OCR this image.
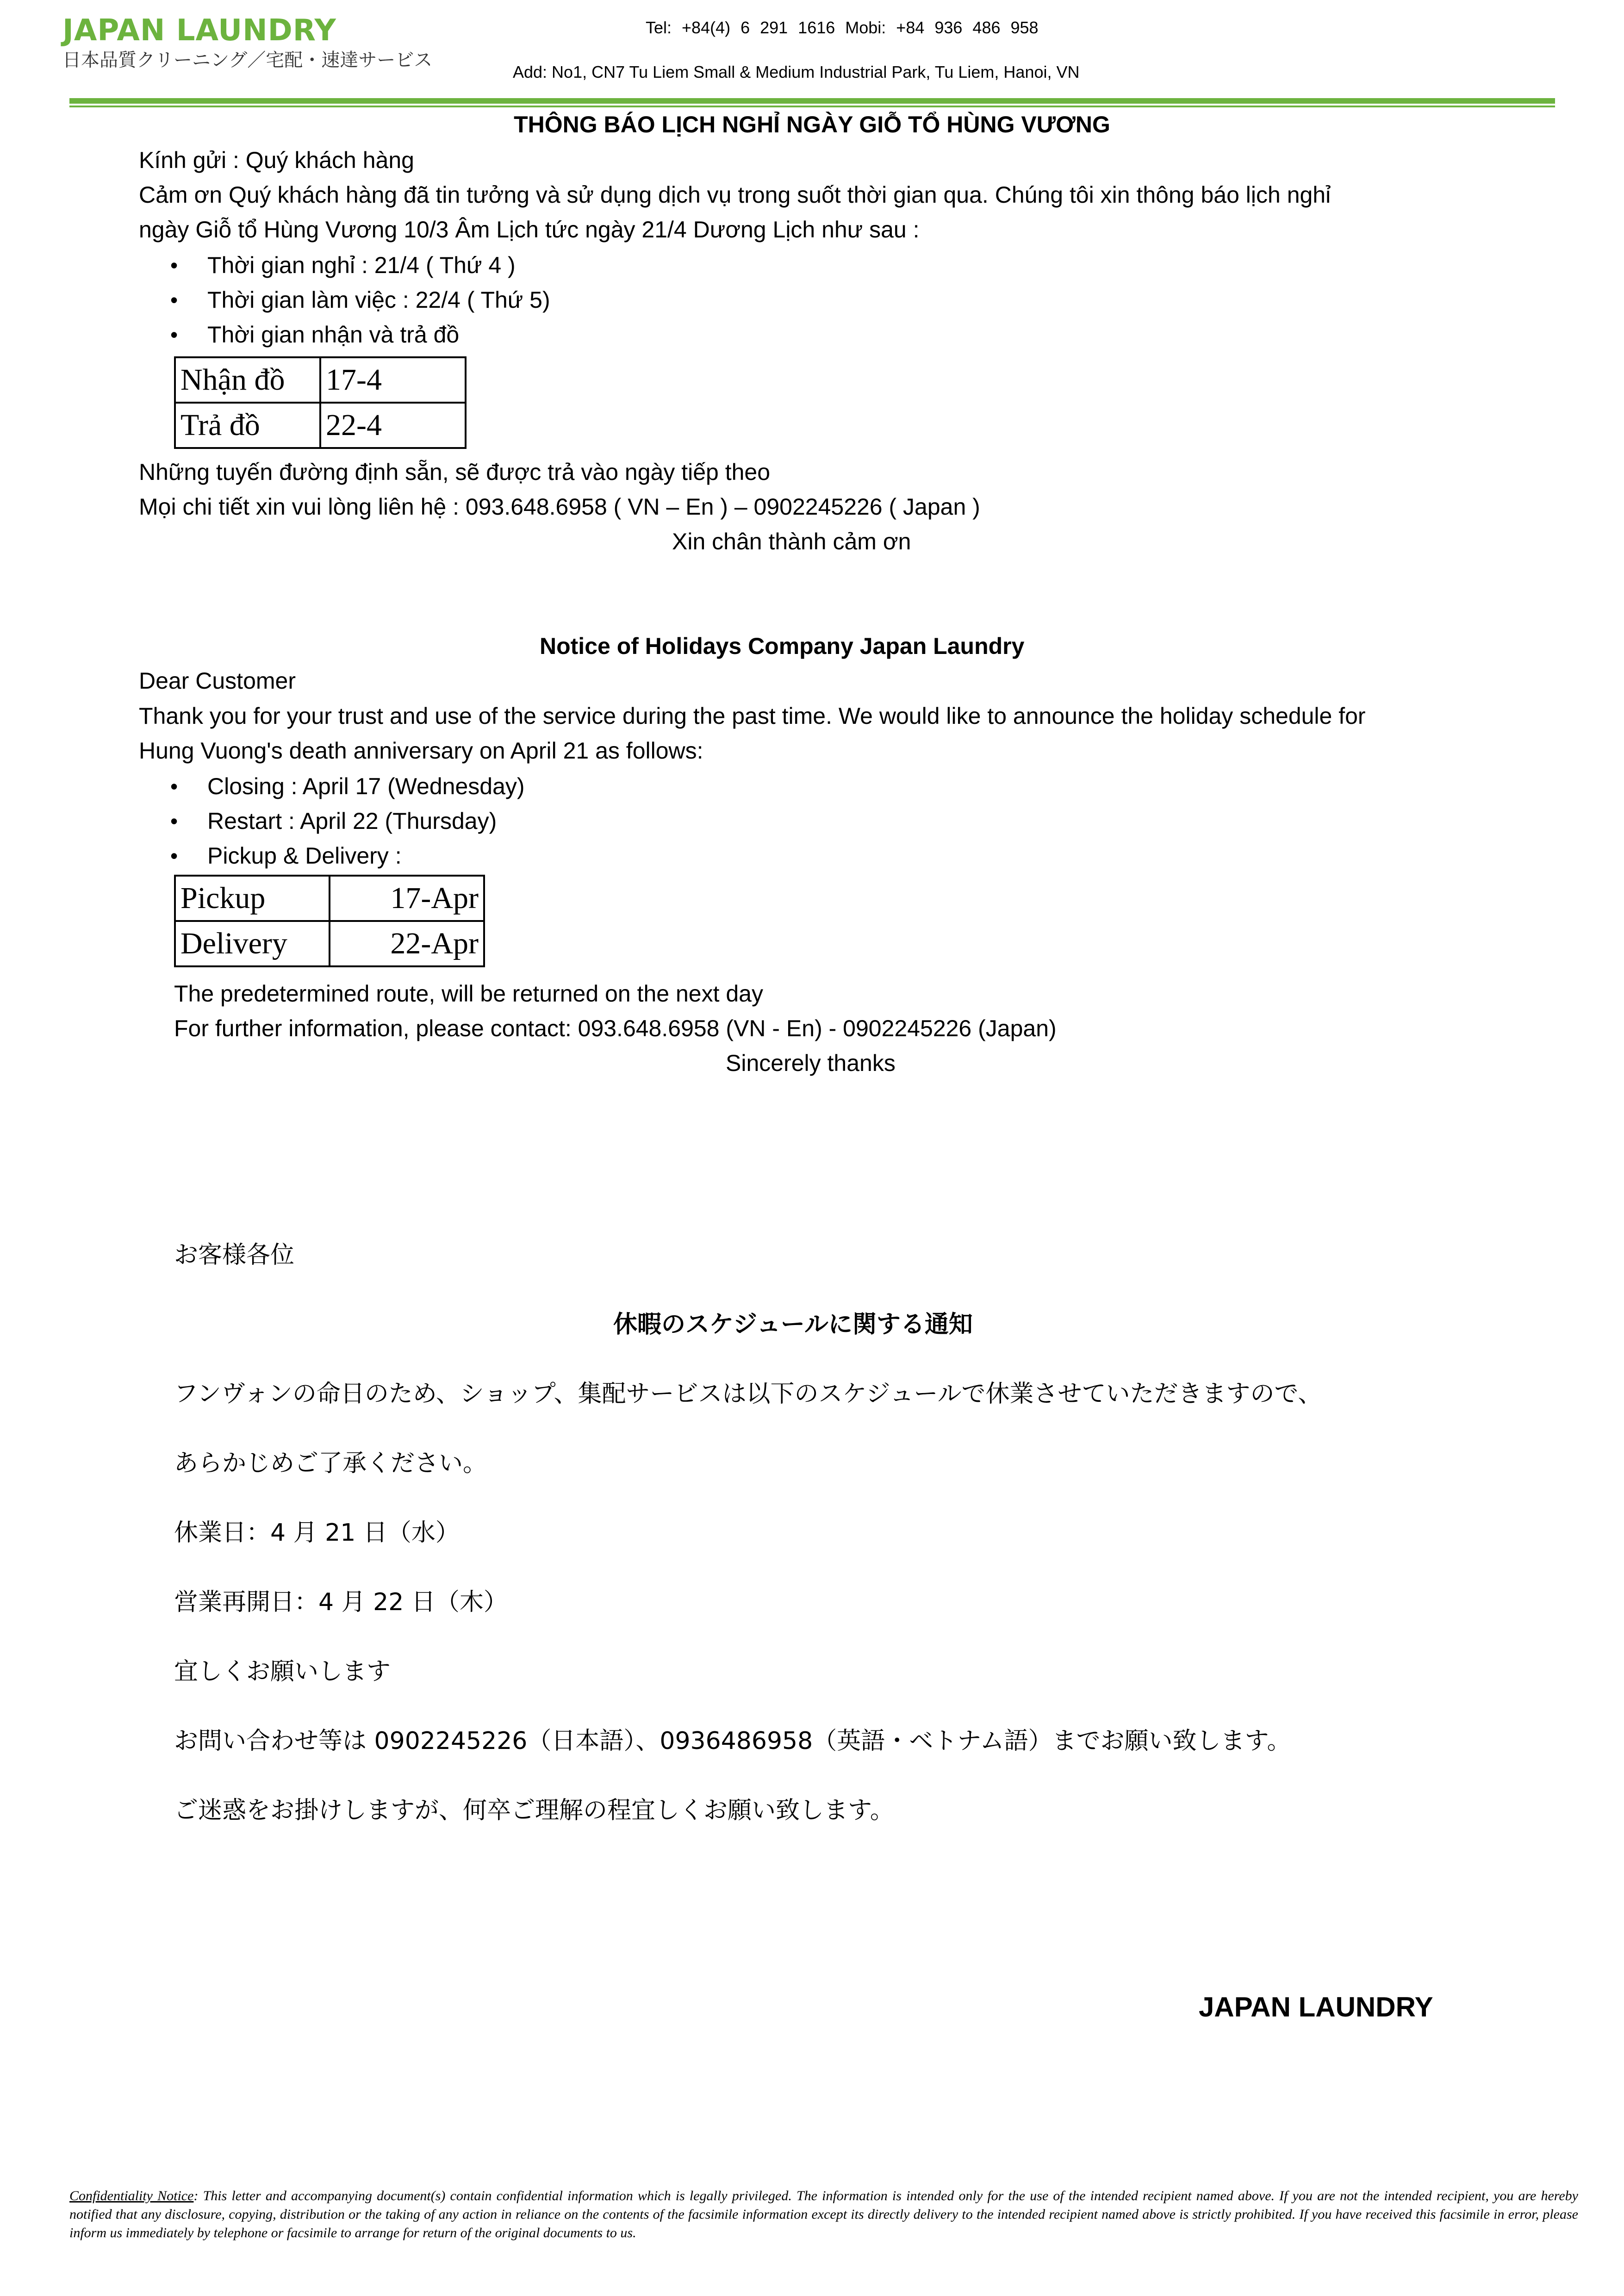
JAPAN LAUNDRY
日本品質クリーニング／宅配・速達サービス
Tel: +84(4) 6 291 1616 Mobi: +84 936 486 958
Add: No1, CN7 Tu Liem Small & Medium Industrial Park, Tu Liem, Hanoi, VN
THÔNG BÁO LỊCH NGHỈ NGÀY GIỖ TỔ HÙNG VƯƠNG
Kính gửi : Quý khách hàng
Cảm ơn Quý khách hàng đã tin tưởng và sử dụng dịch vụ trong suốt thời gian qua. Chúng tôi xin thông báo lịch nghỉ
ngày Giỗ tổ Hùng Vương 10/3 Âm Lịch tức ngày 21/4 Dương Lịch như sau :
• Thời gian nghỉ : 21/4 ( Thứ 4 )
• Thời gian làm việc : 22/4 ( Thứ 5)
• Thời gian nhận và trả đồ
Nhận đồ	17-4
Trả đồ	22-4
Những tuyến đường định sẵn, sẽ được trả vào ngày tiếp theo
Mọi chi tiết xin vui lòng liên hệ : 093.648.6958 ( VN – En ) – 0902245226 ( Japan )
Xin chân thành cảm ơn
Notice of Holidays Company Japan Laundry
Dear Customer
Thank you for your trust and use of the service during the past time. We would like to announce the holiday schedule for
Hung Vuong's death anniversary on April 21 as follows:
• Closing : April 17 (Wednesday)
• Restart : April 22 (Thursday)
• Pickup & Delivery :
Pickup	17-Apr
Delivery	22-Apr
The predetermined route, will be returned on the next day
For further information, please contact: 093.648.6958 (VN - En) - 0902245226 (Japan)
Sincerely thanks
お客様各位
休暇のスケジュールに関する通知
フンヴォンの命日のため、ショップ、集配サービスは以下のスケジュールで休業させていただきますので、
あらかじめご了承ください。
休業日：4 月 21 日（水）
営業再開日：4 月 22 日（木）
宜しくお願いします
お問い合わせ等は 0902245226（日本語）、0936486958（英語・ベトナム語）までお願い致します。
ご迷惑をお掛けしますが、何卒ご理解の程宜しくお願い致します。
JAPAN LAUNDRY
Confidentiality Notice: This letter and accompanying document(s) contain confidential information which is legally privileged. The information is intended only for the use of the intended recipient named above. If you are not the intended recipient, you are hereby notified that any disclosure, copying, distribution or the taking of any action in reliance on the contents of the facsimile information except its directly delivery to the intended recipient named above is strictly prohibited. If you have received this facsimile in error, please inform us immediately by telephone or facsimile to arrange for return of the original documents to us.
